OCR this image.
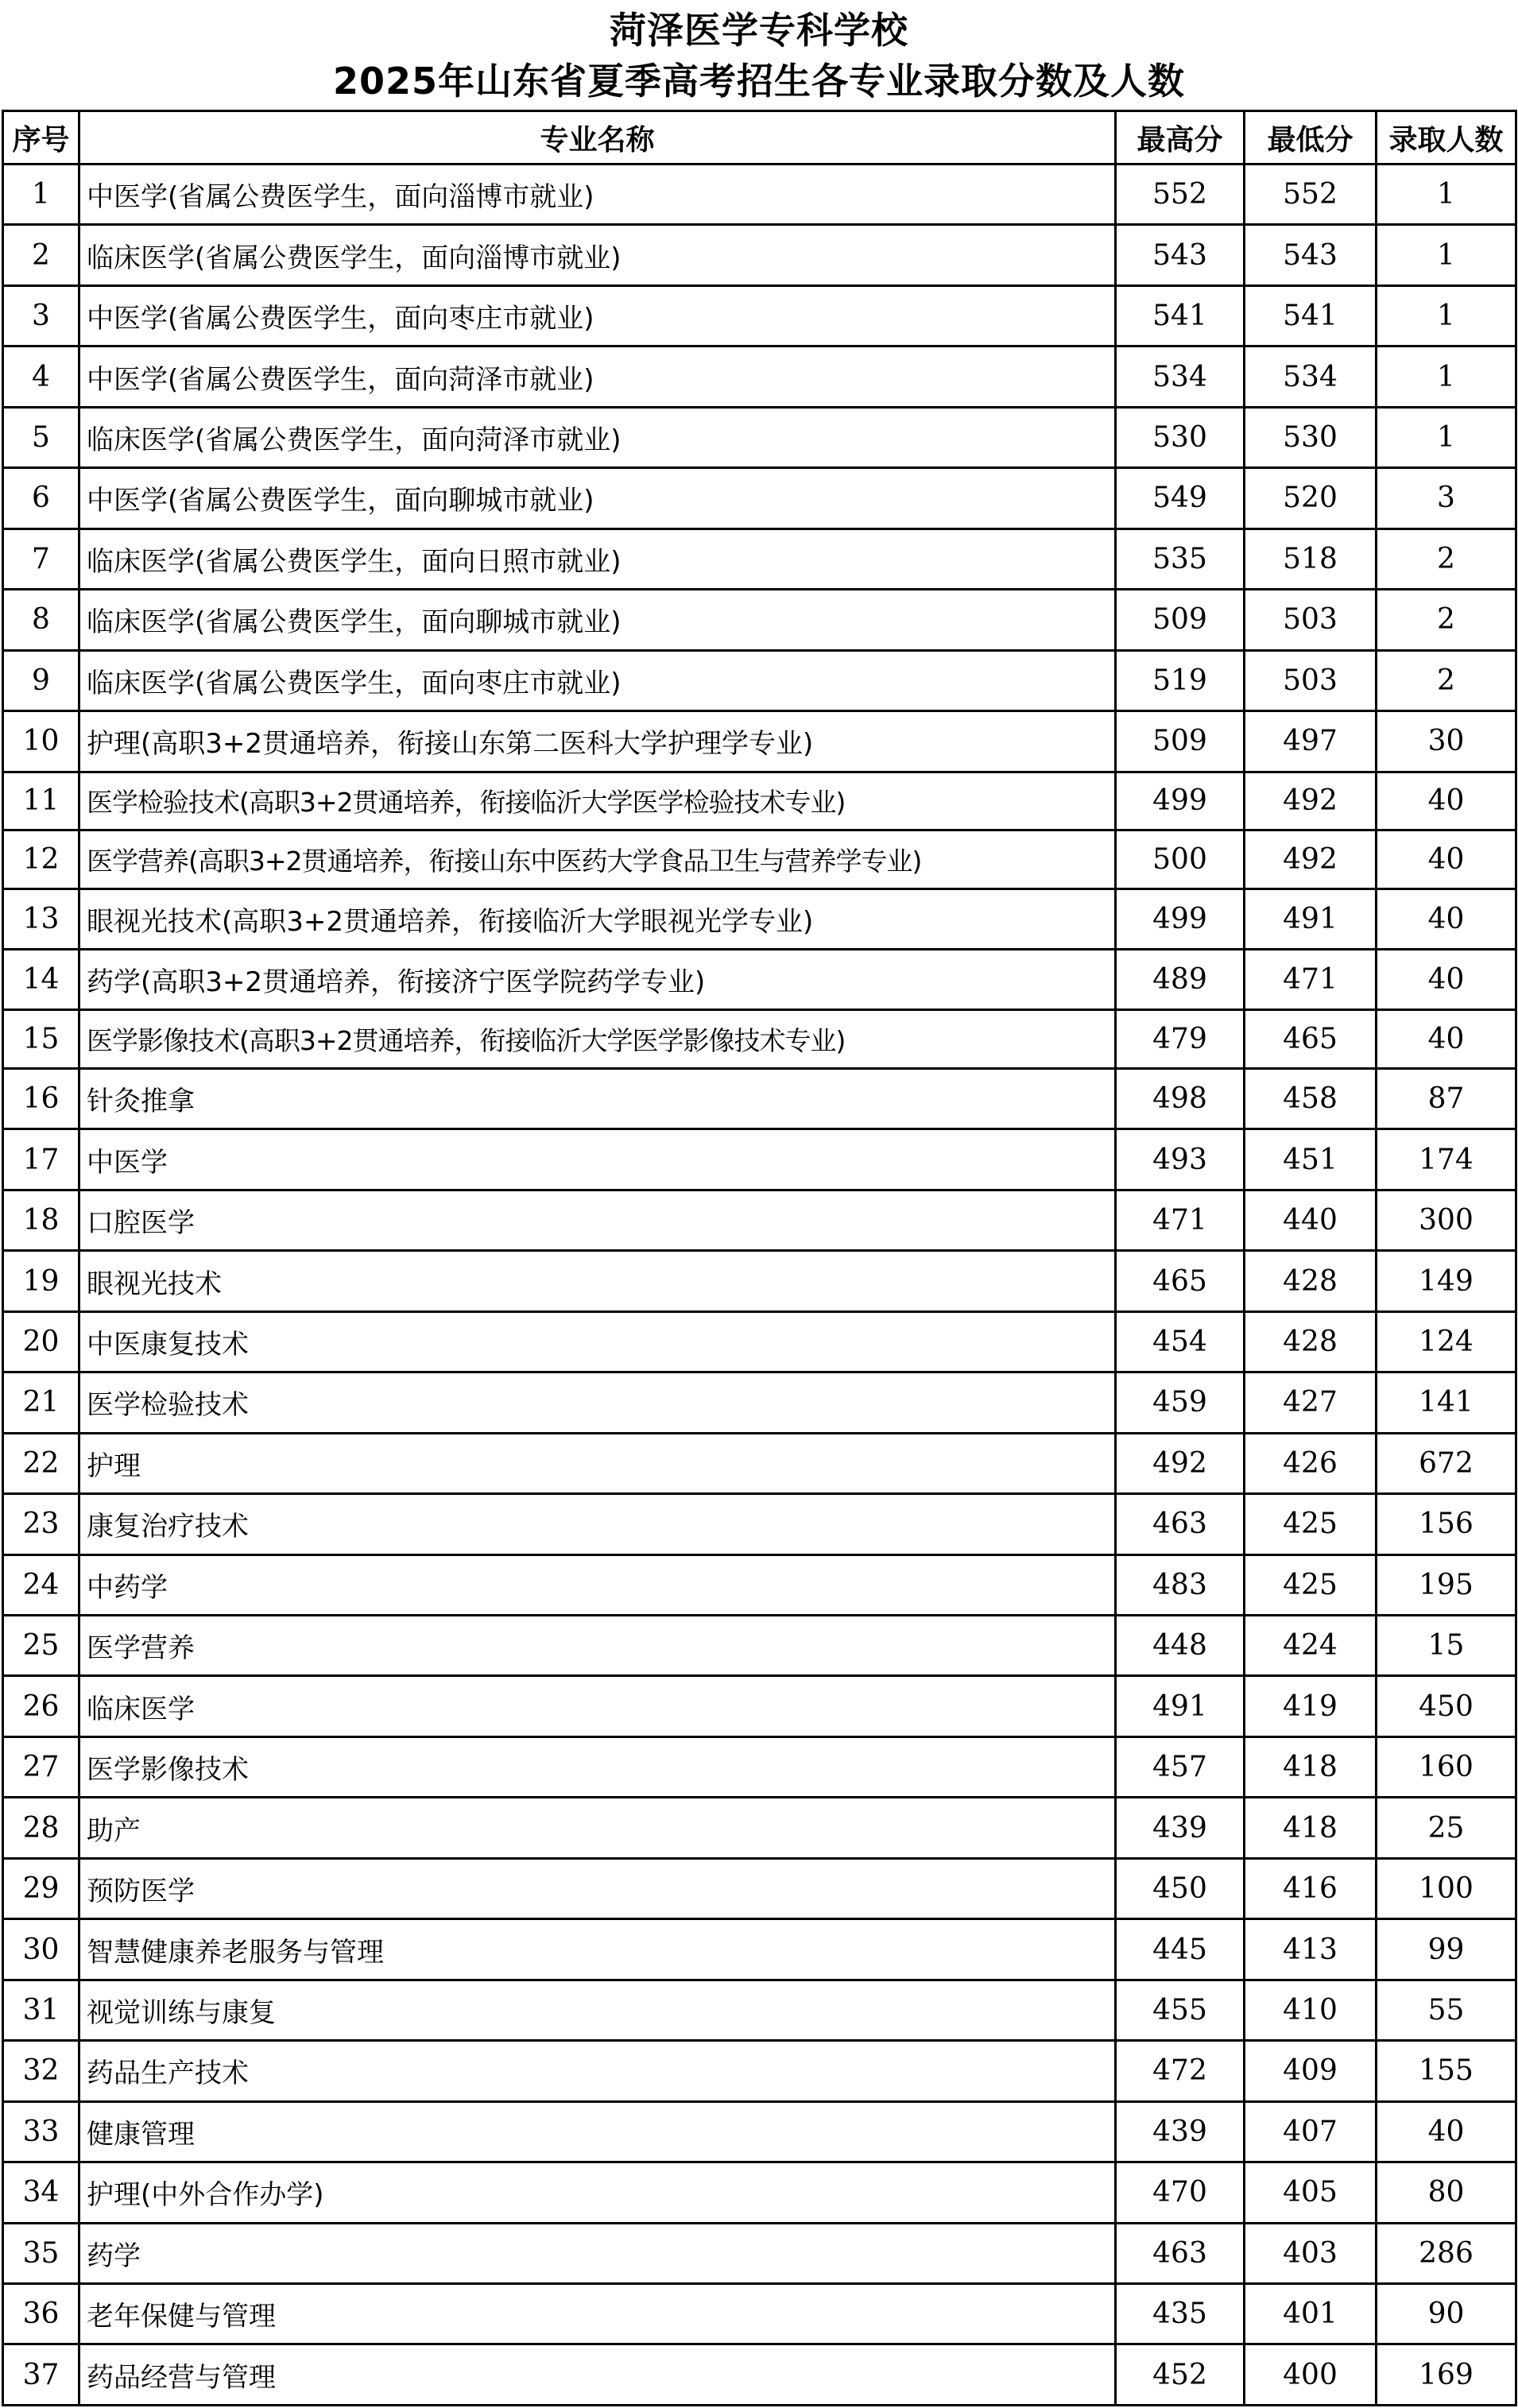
菏泽医学专科学校
2025年山东省夏季高考招生各专业录取分数及人数
序号	专业名称	最高分	最低分	录取人数
1	中医学(省属公费医学生，面向淄博市就业)	552	552	1
2	临床医学(省属公费医学生，面向淄博市就业)	543	543	1
3	中医学(省属公费医学生，面向枣庄市就业)	541	541	1
4	中医学(省属公费医学生，面向菏泽市就业)	534	534	1
5	临床医学(省属公费医学生，面向菏泽市就业)	530	530	1
6	中医学(省属公费医学生，面向聊城市就业)	549	520	3
7	临床医学(省属公费医学生，面向日照市就业)	535	518	2
8	临床医学(省属公费医学生，面向聊城市就业)	509	503	2
9	临床医学(省属公费医学生，面向枣庄市就业)	519	503	2
10	护理(高职3+2贯通培养，衔接山东第二医科大学护理学专业)	509	497	30
11	医学检验技术(高职3+2贯通培养，衔接临沂大学医学检验技术专业)	499	492	40
12	医学营养(高职3+2贯通培养，衔接山东中医药大学食品卫生与营养学专业)	500	492	40
13	眼视光技术(高职3+2贯通培养，衔接临沂大学眼视光学专业)	499	491	40
14	药学(高职3+2贯通培养，衔接济宁医学院药学专业)	489	471	40
15	医学影像技术(高职3+2贯通培养，衔接临沂大学医学影像技术专业)	479	465	40
16	针灸推拿	498	458	87
17	中医学	493	451	174
18	口腔医学	471	440	300
19	眼视光技术	465	428	149
20	中医康复技术	454	428	124
21	医学检验技术	459	427	141
22	护理	492	426	672
23	康复治疗技术	463	425	156
24	中药学	483	425	195
25	医学营养	448	424	15
26	临床医学	491	419	450
27	医学影像技术	457	418	160
28	助产	439	418	25
29	预防医学	450	416	100
30	智慧健康养老服务与管理	445	413	99
31	视觉训练与康复	455	410	55
32	药品生产技术	472	409	155
33	健康管理	439	407	40
34	护理(中外合作办学)	470	405	80
35	药学	463	403	286
36	老年保健与管理	435	401	90
37	药品经营与管理	452	400	169
